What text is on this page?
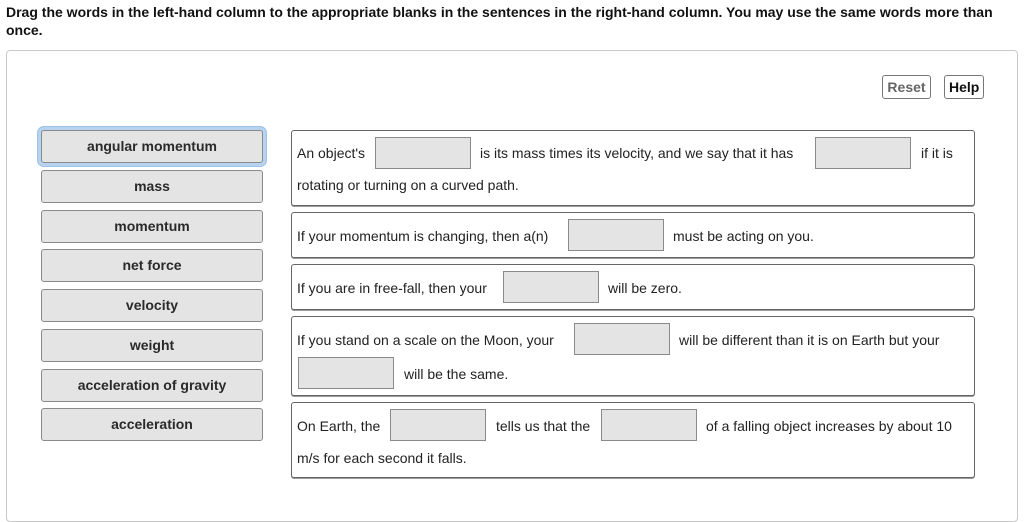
Drag the words in the left-hand column to the appropriate blanks in the sentences in the right-hand column. You may use the same words more than once.
Reset	Help
angular momentum
mass
momentum
net force
velocity
weight
acceleration of gravity
acceleration
An object's	is its mass times its velocity, and we say that it has	if it is
rotating or turning on a curved path.
If your momentum is changing, then a(n)	must be acting on you.
If you are in free-fall, then your	will be zero.
If you stand on a scale on the Moon, your	will be different than it is on Earth but your
will be the same.
On Earth, the	tells us that the	of a falling object increases by about 10
m/s for each second it falls.
